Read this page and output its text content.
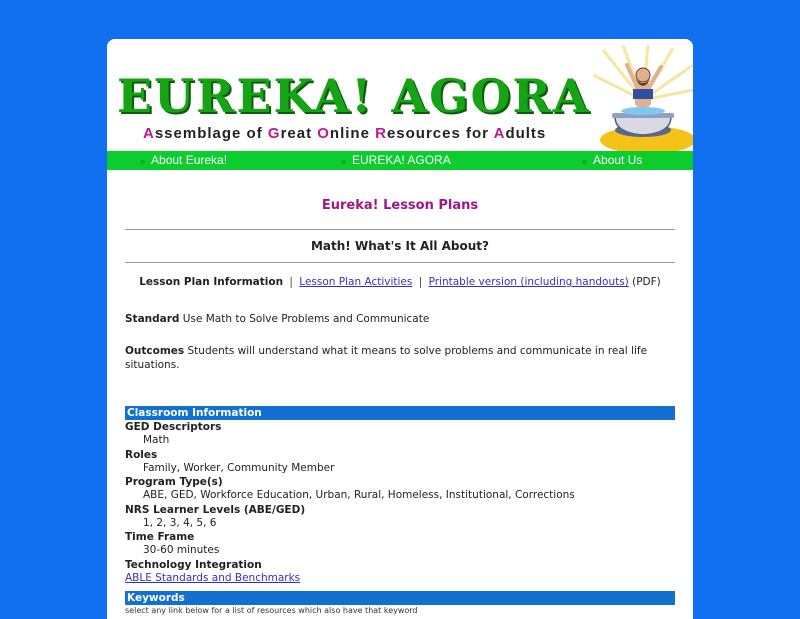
EUREKA! AGORA
Assemblage of Great Online Resources for Adults
» About Eureka!	» EUREKA! AGORA	» About Us
Eureka! Lesson Plans
Math! What's It All About?
Lesson Plan Information | Lesson Plan Activities | Printable version (including handouts) (PDF)
Standard Use Math to Solve Problems and Communicate
Outcomes Students will understand what it means to solve problems and communicate in real life situations.
Classroom Information
GED Descriptors
Math
Roles
Family, Worker, Community Member
Program Type(s)
ABE, GED, Workforce Education, Urban, Rural, Homeless, Institutional, Corrections
NRS Learner Levels (ABE/GED)
1, 2, 3, 4, 5, 6
Time Frame
30-60 minutes
Technology Integration
ABLE Standards and Benchmarks
Keywords
select any link below for a list of resources which also have that keyword
